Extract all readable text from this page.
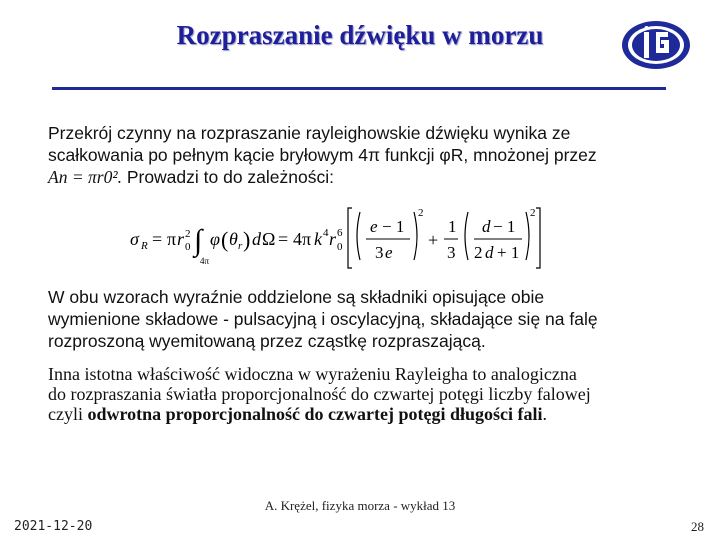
Rozpraszanie dźwięku w morzu
Przekrój czynny na rozpraszanie rayleighowskie dźwięku wynika ze
scałkowania po pełnym kącie bryłowym 4π funkcji φR, mnożonej przez
An = πr0². Prowadzi to do zależności:
σ R = π r 2
0 ∫
4π
φ ( θ r ) d Ω = 4π k 4 r 6
0
e − 1
3 e
2
+
1
3
d − 1
2 d + 1
2
W obu wzorach wyraźnie oddzielone są składniki opisujące obie
wymienione składowe - pulsacyjną i oscylacyjną, składające się na falę
rozproszoną wyemitowaną przez cząstkę rozpraszającą.
Inna istotna właściwość widoczna w wyrażeniu Rayleigha to analogiczna
do rozpraszania światła proporcjonalność do czwartej potęgi liczby falowej
czyli odwrotna proporcjonalność do czwartej potęgi długości fali.
A. Krężel, fizyka morza - wykład 13
2021-12-20	28
